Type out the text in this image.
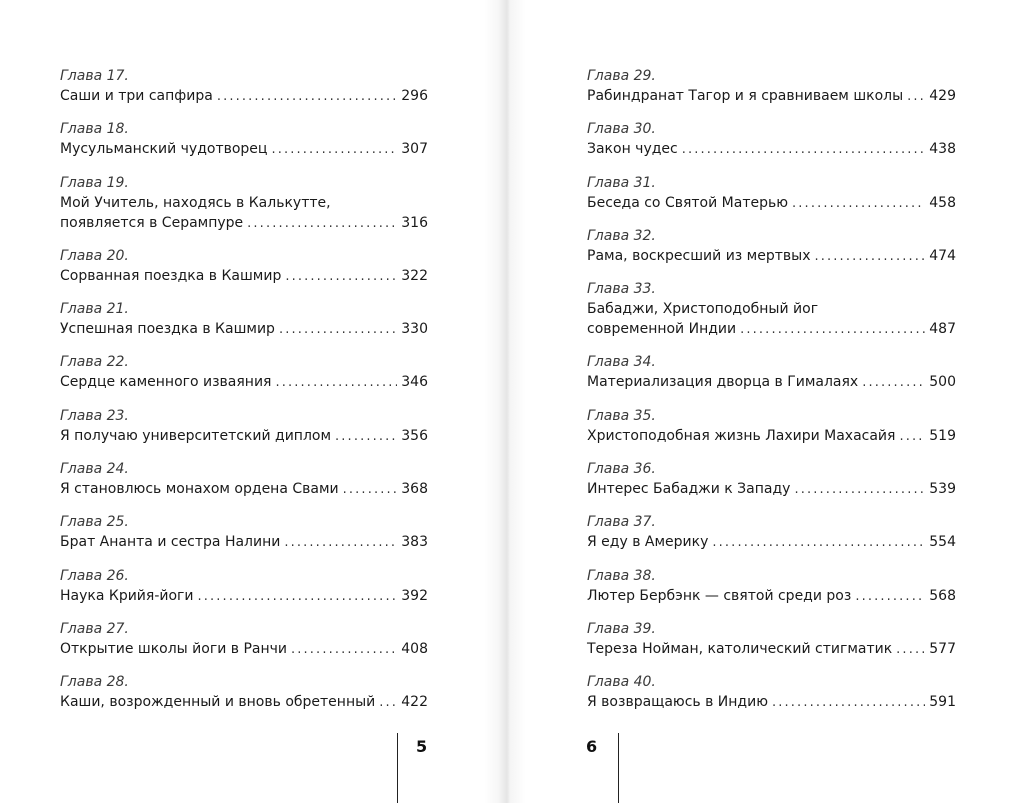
Глава 17.
Саши и три сапфира . . .	296
Глава 18.
Мусульманский чудотворец . . .	307
Глава 19.
Мой Учитель, находясь в Калькутте,
появляется в Серампуре . . .	316
Глава 20.
Сорванная поездка в Кашмир . . .	322
Глава 21.
Успешная поездка в Кашмир . . .	330
Глава 22.
Сердце каменного изваяния . . .	346
Глава 23.
Я получаю университетский диплом . . .	356
Глава 24.
Я становлюсь монахом ордена Свами . . .	368
Глава 25.
Брат Ананта и сестра Налини . . .	383
Глава 26.
Наука Крийя-йоги . . .	392
Глава 27.
Открытие школы йоги в Ранчи . . .	408
Глава 28.
Каши, возрожденный и вновь обретенный . . . 422
Глава 29.
Рабиндранат Тагор и я сравниваем школы . . . 429
Глава 30.
Закон чудес . . .	438
Глава 31.
Беседа со Святой Матерью . . .	458
Глава 32.
Рама, воскресший из мертвых . . .	474
Глава 33.
Бабаджи, Христоподобный йог
современной Индии . . .	487
Глава 34.
Материализация дворца в Гималаях . . .	500
Глава 35.
Христоподобная жизнь Лахири Махасайя . . . 519
Глава 36.
Интерес Бабаджи к Западу . . .	539
Глава 37.
Я еду в Америку . . .	554
Глава 38.
Лютер Бербэнк — святой среди роз . . .	568
Глава 39.
Тереза Нойман, католический стигматик . . .	577
Глава 40.
Я возвращаюсь в Индию . . .	591
5	6
